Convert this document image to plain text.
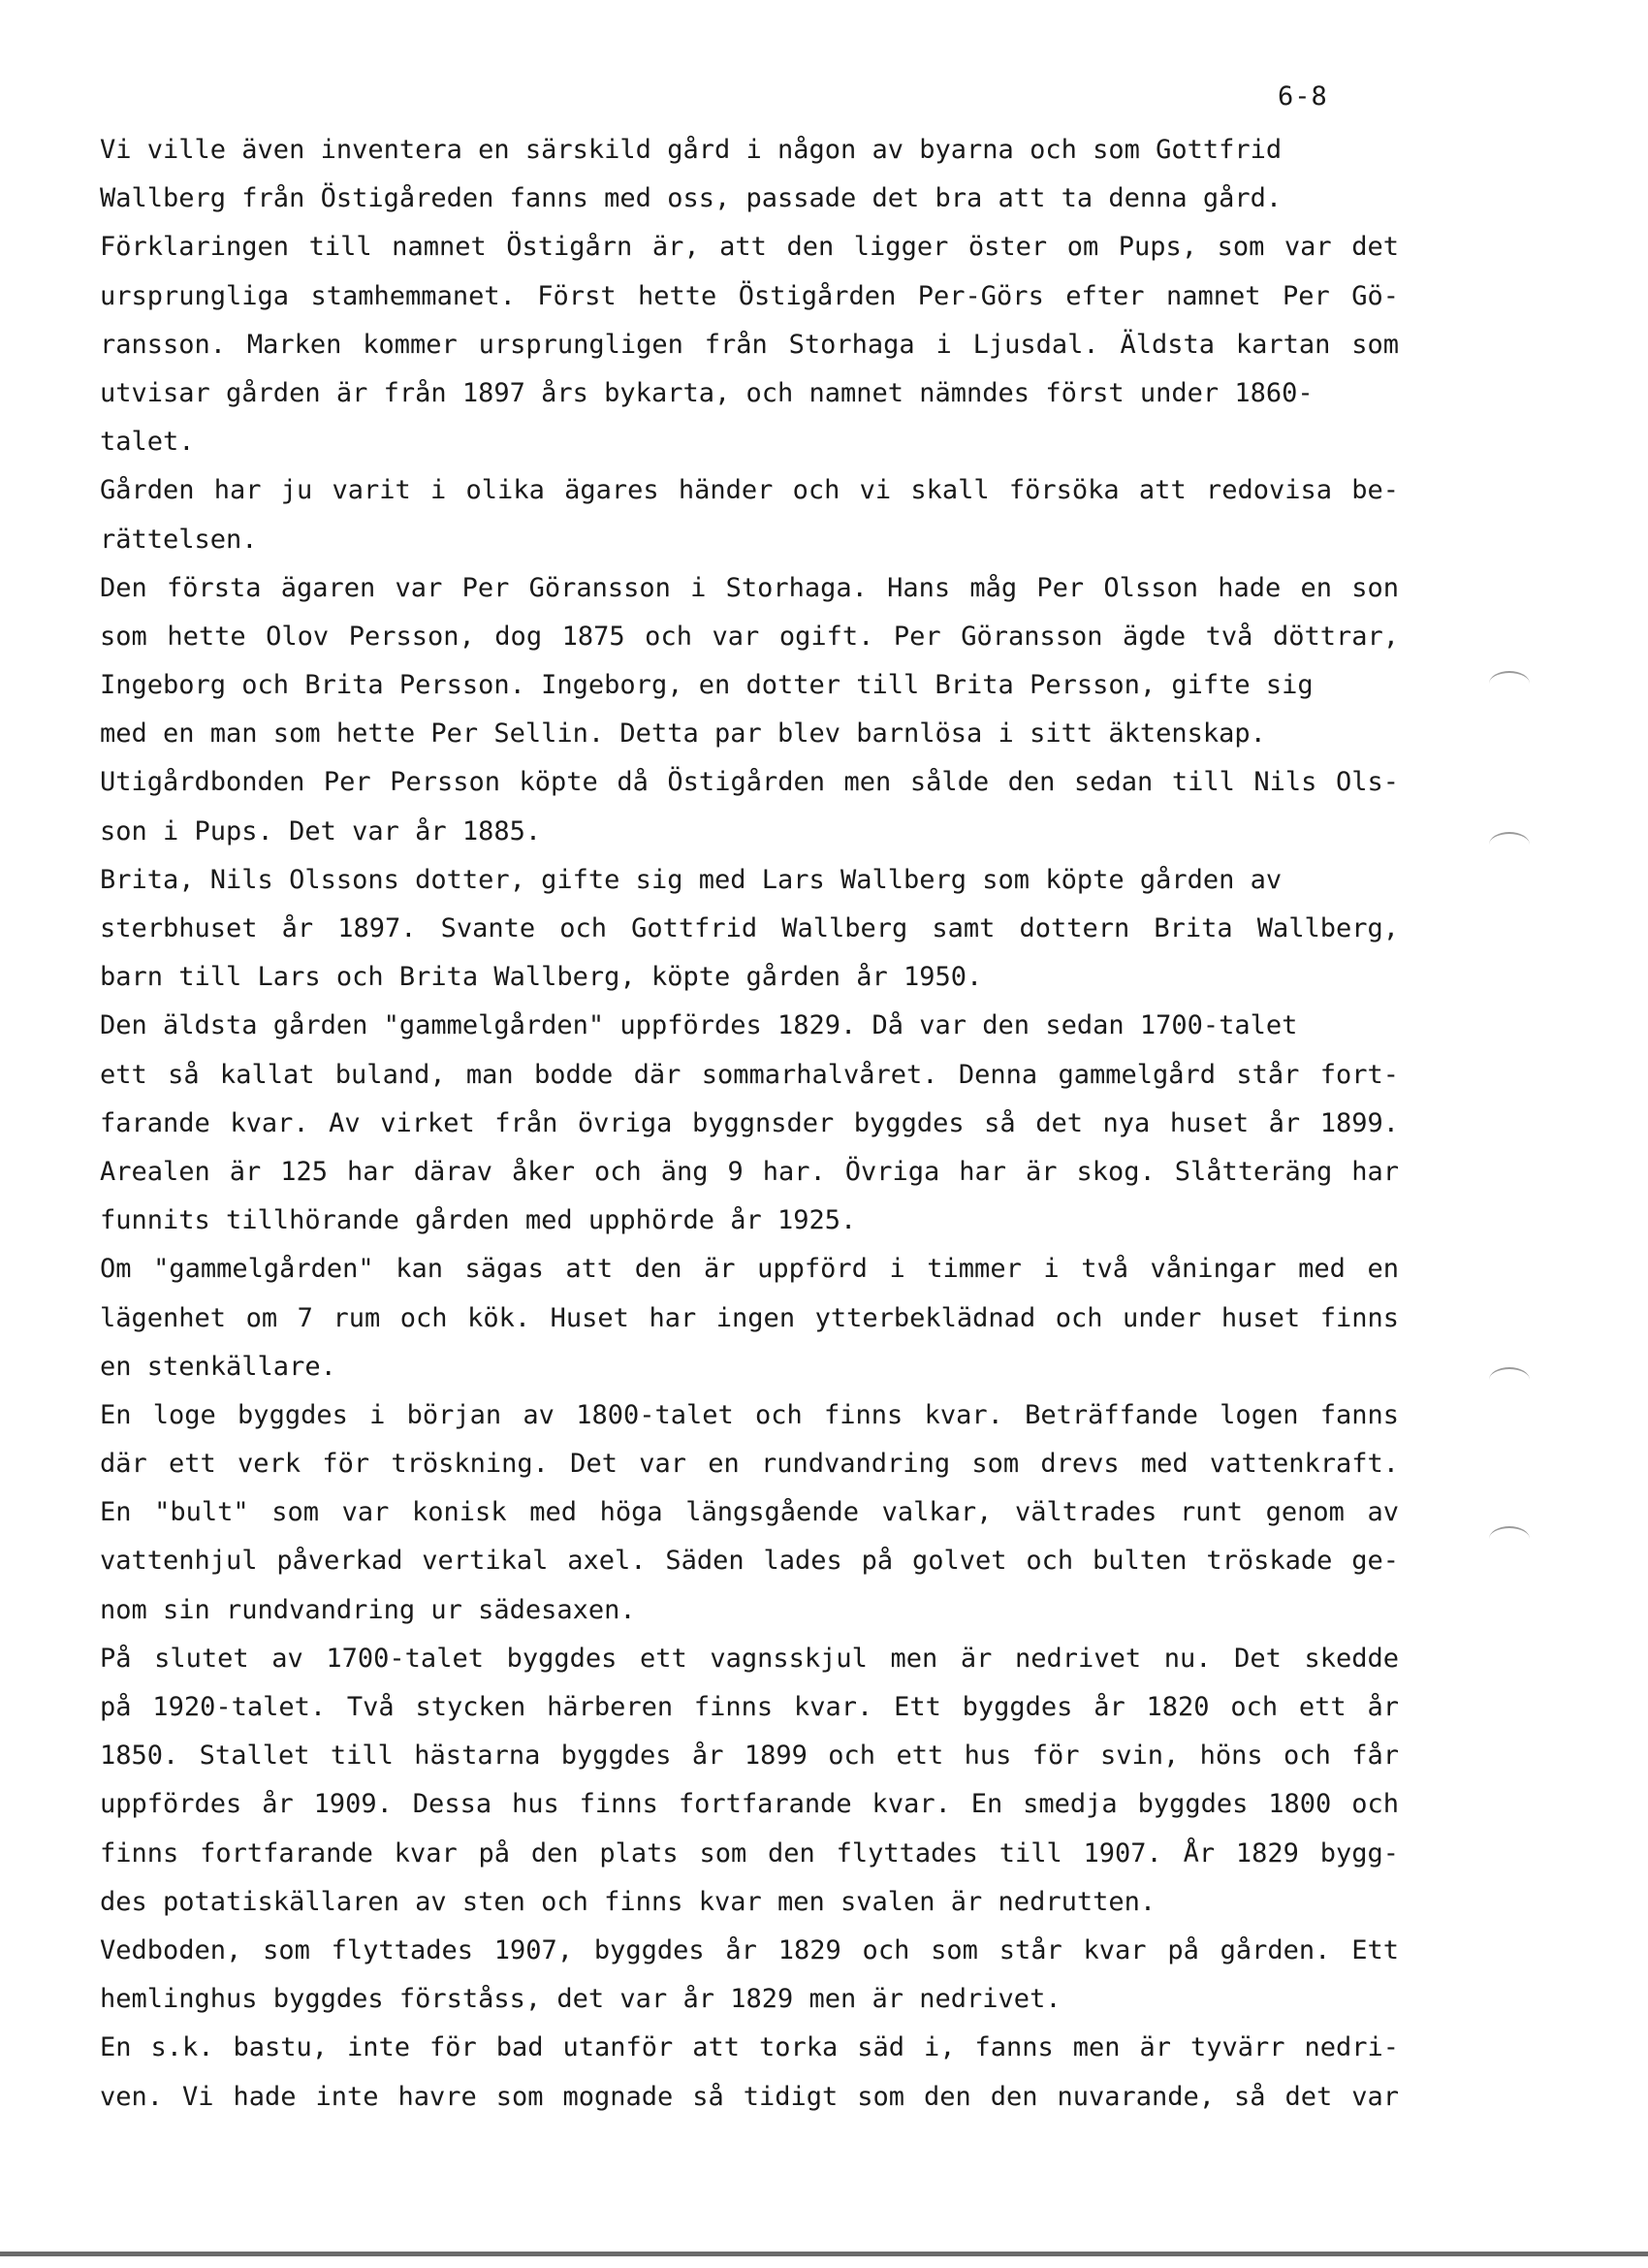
6-8
Vi ville även inventera en särskild gård i någon av byarna och som Gottfrid
Wallberg från Östigåreden fanns med oss, passade det bra att ta denna gård.
Förklaringen till namnet Östigårn är, att den ligger öster om Pups, som var det
ursprungliga stamhemmanet. Först hette Östigården Per-Görs efter namnet Per Gö-
ransson. Marken kommer ursprungligen från Storhaga i Ljusdal. Äldsta kartan som
utvisar gården är från 1897 års bykarta, och namnet nämndes först under 1860-
talet.
Gården har ju varit i olika ägares händer och vi skall försöka att redovisa be-
rättelsen.
Den första ägaren var Per Göransson i Storhaga. Hans måg Per Olsson hade en son
som hette Olov Persson, dog 1875 och var ogift. Per Göransson ägde två döttrar,
Ingeborg och Brita Persson. Ingeborg, en dotter till Brita Persson, gifte sig
med en man som hette Per Sellin. Detta par blev barnlösa i sitt äktenskap.
Utigårdbonden Per Persson köpte då Östigården men sålde den sedan till Nils Ols-
son i Pups. Det var år 1885.
Brita, Nils Olssons dotter, gifte sig med Lars Wallberg som köpte gården av
sterbhuset år 1897. Svante och Gottfrid Wallberg samt dottern Brita Wallberg,
barn till Lars och Brita Wallberg, köpte gården år 1950.
Den äldsta gården "gammelgården" uppfördes 1829. Då var den sedan 1700-talet
ett så kallat buland, man bodde där sommarhalvåret. Denna gammelgård står fort-
farande kvar. Av virket från övriga byggnsder byggdes så det nya huset år 1899.
Arealen är 125 har därav åker och äng 9 har. Övriga har är skog. Slåtteräng har
funnits tillhörande gården med upphörde år 1925.
Om "gammelgården" kan sägas att den är uppförd i timmer i två våningar med en
lägenhet om 7 rum och kök. Huset har ingen ytterbeklädnad och under huset finns
en stenkällare.
En loge byggdes i början av 1800-talet och finns kvar. Beträffande logen fanns
där ett verk för tröskning. Det var en rundvandring som drevs med vattenkraft.
En "bult" som var konisk med höga längsgående valkar, vältrades runt genom av
vattenhjul påverkad vertikal axel. Säden lades på golvet och bulten tröskade ge-
nom sin rundvandring ur sädesaxen.
På slutet av 1700-talet byggdes ett vagnsskjul men är nedrivet nu. Det skedde
på 1920-talet. Två stycken härberen finns kvar. Ett byggdes år 1820 och ett år
1850. Stallet till hästarna byggdes år 1899 och ett hus för svin, höns och får
uppfördes år 1909. Dessa hus finns fortfarande kvar. En smedja byggdes 1800 och
finns fortfarande kvar på den plats som den flyttades till 1907. År 1829 bygg-
des potatiskällaren av sten och finns kvar men svalen är nedrutten.
Vedboden, som flyttades 1907, byggdes år 1829 och som står kvar på gården. Ett
hemlinghus byggdes förståss, det var år 1829 men är nedrivet.
En s.k. bastu, inte för bad utanför att torka säd i, fanns men är tyvärr nedri-
ven. Vi hade inte havre som mognade så tidigt som den den nuvarande, så det var
